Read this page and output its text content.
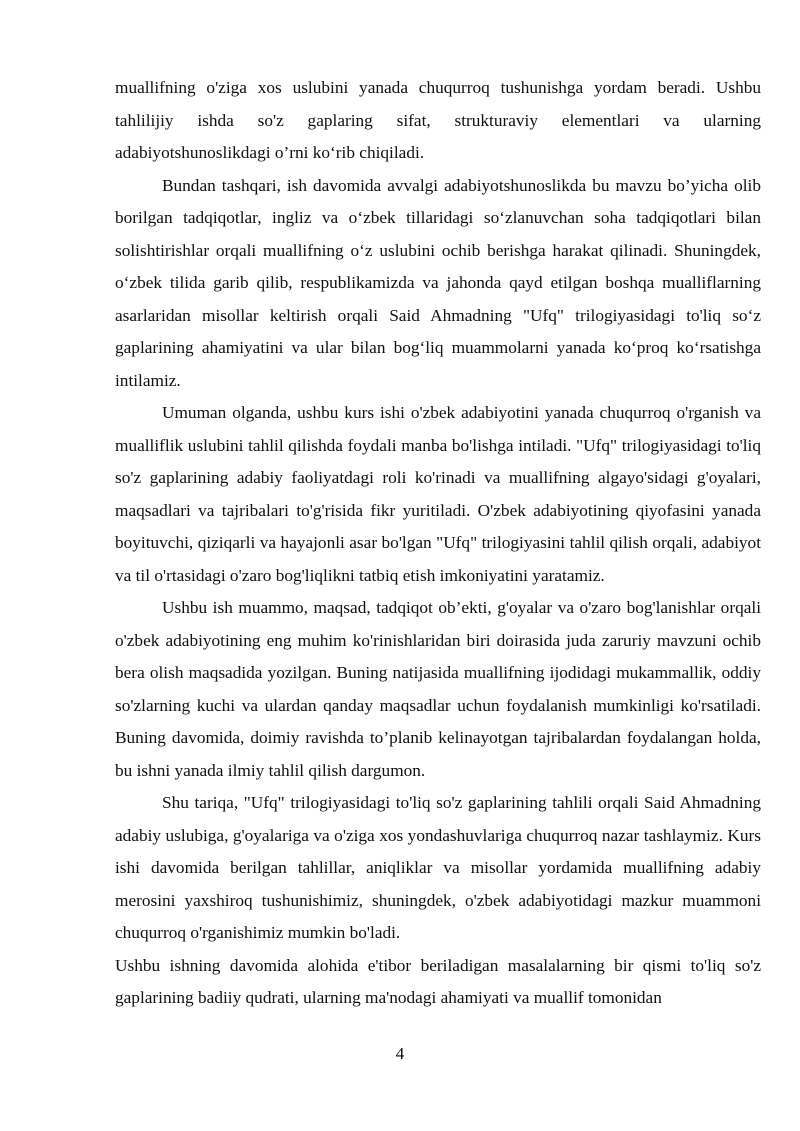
muallifning o'ziga xos uslubini yanada chuqurroq tushunishga yordam beradi. Ushbu tahlilijiy ishda so'z gaplaring sifat, strukturaviy elementlari va ularning adabiyotshunoslikdagi o’rni ko‘rib chiqiladi.

Bundan tashqari, ish davomida avvalgi adabiyotshunoslikda bu mavzu bo’yicha olib borilgan tadqiqotlar, ingliz va o‘zbek tillaridagi so‘zlanuvchan soha tadqiqotlari bilan solishtirishlar orqali muallifning o‘z uslubini ochib berishga harakat qilinadi. Shuningdek, o‘zbek tilida garib qilib, respublikamizda va jahonda qayd etilgan boshqa mualliflarning asarlaridan misollar keltirish orqali Said Ahmadning "Ufq" trilogiyasidagi to'liq so‘z gaplarining ahamiyatini va ular bilan bog‘liq muammolarni yanada ko‘proq ko‘rsatishga intilamiz.

Umuman olganda, ushbu kurs ishi o'zbek adabiyotini yanada chuqurroq o'rganish va mualliflik uslubini tahlil qilishda foydali manba bo'lishga intiladi. "Ufq" trilogiyasidagi to'liq so'z gaplarining adabiy faoliyatdagi roli ko'rinadi va muallifning algayo'sidagi g'oyalari, maqsadlari va tajribalari to'g'risida fikr yuritiladi. O'zbek adabiyotining qiyofasini yanada boyituvchi, qiziqarli va hayajonli asar bo'lgan "Ufq" trilogiyasini tahlil qilish orqali, adabiyot va til o'rtasidagi o'zaro bog'liqlikni tatbiq etish imkoniyatini yaratamiz.

Ushbu ish muammo, maqsad, tadqiqot ob’ekti, g'oyalar va o'zaro bog'lanishlar orqali o'zbek adabiyotining eng muhim ko'rinishlaridan biri doirasida juda zaruriy mavzuni ochib bera olish maqsadida yozilgan. Buning natijasida muallifning ijodidagi mukammallik, oddiy so'zlarning kuchi va ulardan qanday maqsadlar uchun foydalanish mumkinligi ko'rsatiladi. Buning davomida, doimiy ravishda to’planib kelinayotgan tajribalardan foydalangan holda, bu ishni yanada ilmiy tahlil qilish dargumon.

Shu tariqa, "Ufq" trilogiyasidagi to'liq so'z gaplarining tahlili orqali Said Ahmadning adabiy uslubiga, g'oyalariga va o'ziga xos yondashuvlariga chuqurroq nazar tashlaymiz. Kurs ishi davomida berilgan tahlillar, aniqliklar va misollar yordamida muallifning adabiy merosini yaxshiroq tushunishimiz, shuningdek, o'zbek adabiyotidagi mazkur muammoni chuqurroq o'rganishimiz mumkin bo'ladi.

Ushbu ishning davomida alohida e'tibor beriladigan masalalarning bir qismi to'liq so'z gaplarining badiiy qudrati, ularning ma'nodagi ahamiyati va muallif tomonidan

4
